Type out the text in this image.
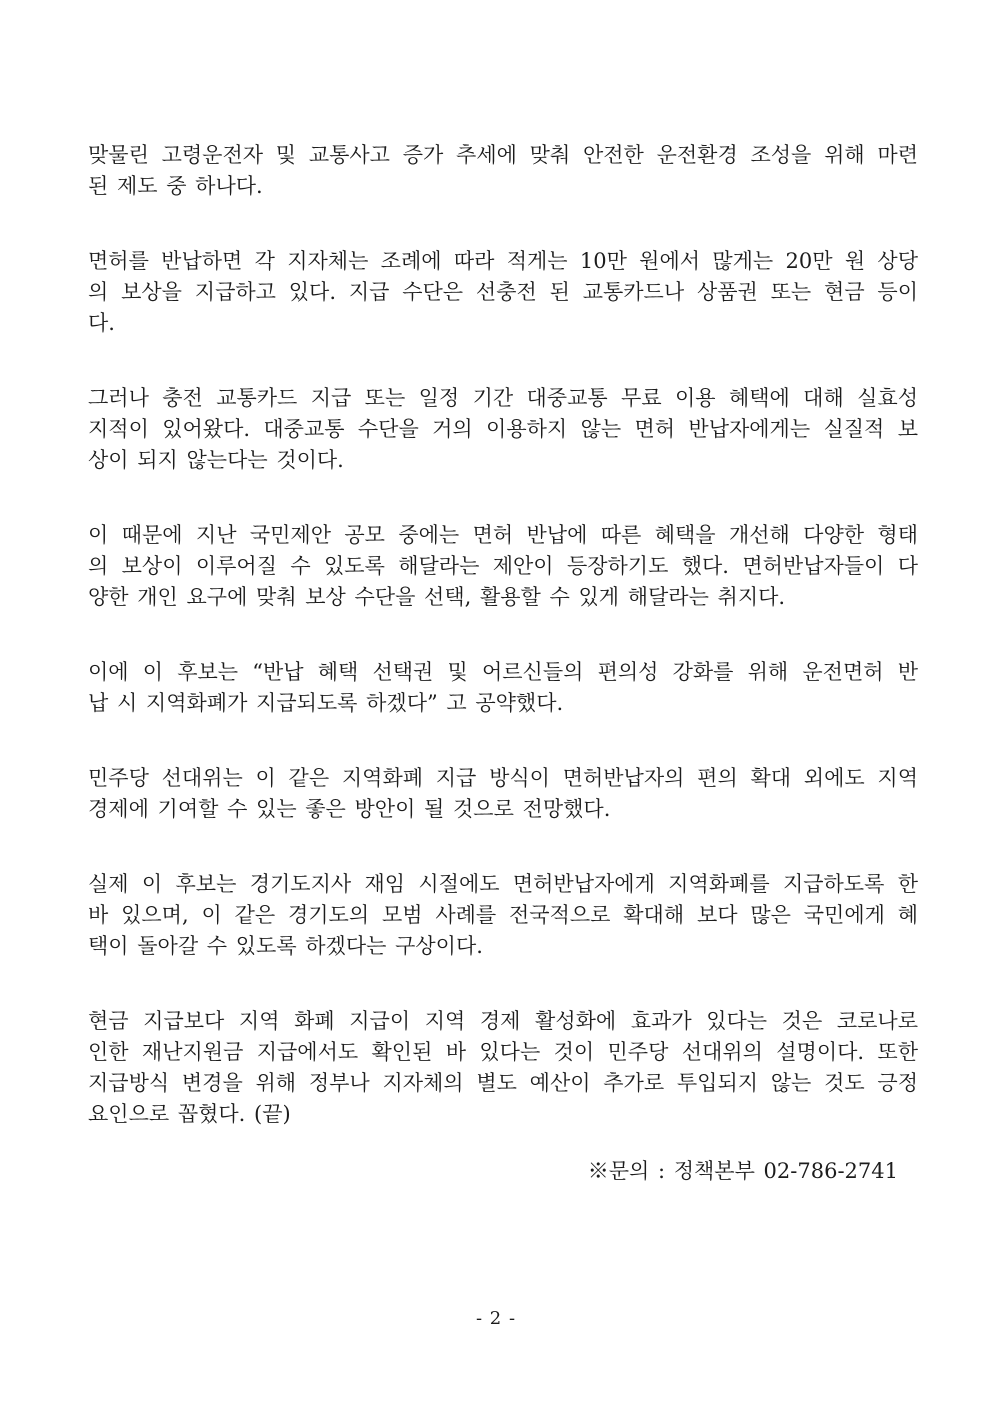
맞물린 고령운전자 및 교통사고 증가 추세에 맞춰 안전한 운전환경 조성을 위해 마련
된 제도 중 하나다.
면허를 반납하면 각 지자체는 조례에 따라 적게는 10만 원에서 많게는 20만 원 상당
의 보상을 지급하고 있다. 지급 수단은 선충전 된 교통카드나 상품권 또는 현금 등이
다.
그러나 충전 교통카드 지급 또는 일정 기간 대중교통 무료 이용 혜택에 대해 실효성
지적이 있어왔다. 대중교통 수단을 거의 이용하지 않는 면허 반납자에게는 실질적 보
상이 되지 않는다는 것이다.
이 때문에 지난 국민제안 공모 중에는 면허 반납에 따른 혜택을 개선해 다양한 형태
의 보상이 이루어질 수 있도록 해달라는 제안이 등장하기도 했다. 면허반납자들이 다
양한 개인 요구에 맞춰 보상 수단을 선택, 활용할 수 있게 해달라는 취지다.
이에 이 후보는 “반납 혜택 선택권 및 어르신들의 편의성 강화를 위해 운전면허 반
납 시 지역화폐가 지급되도록 하겠다” 고 공약했다.
민주당 선대위는 이 같은 지역화폐 지급 방식이 면허반납자의 편의 확대 외에도 지역
경제에 기여할 수 있는 좋은 방안이 될 것으로 전망했다.
실제 이 후보는 경기도지사 재임 시절에도 면허반납자에게 지역화폐를 지급하도록 한
바 있으며, 이 같은 경기도의 모범 사례를 전국적으로 확대해 보다 많은 국민에게 혜
택이 돌아갈 수 있도록 하겠다는 구상이다.
현금 지급보다 지역 화폐 지급이 지역 경제 활성화에 효과가 있다는 것은 코로나로
인한 재난지원금 지급에서도 확인된 바 있다는 것이 민주당 선대위의 설명이다. 또한
지급방식 변경을 위해 정부나 지자체의 별도 예산이 추가로 투입되지 않는 것도 긍정
요인으로 꼽혔다. (끝)
※문의 : 정책본부 02-786-2741
- 2 -
